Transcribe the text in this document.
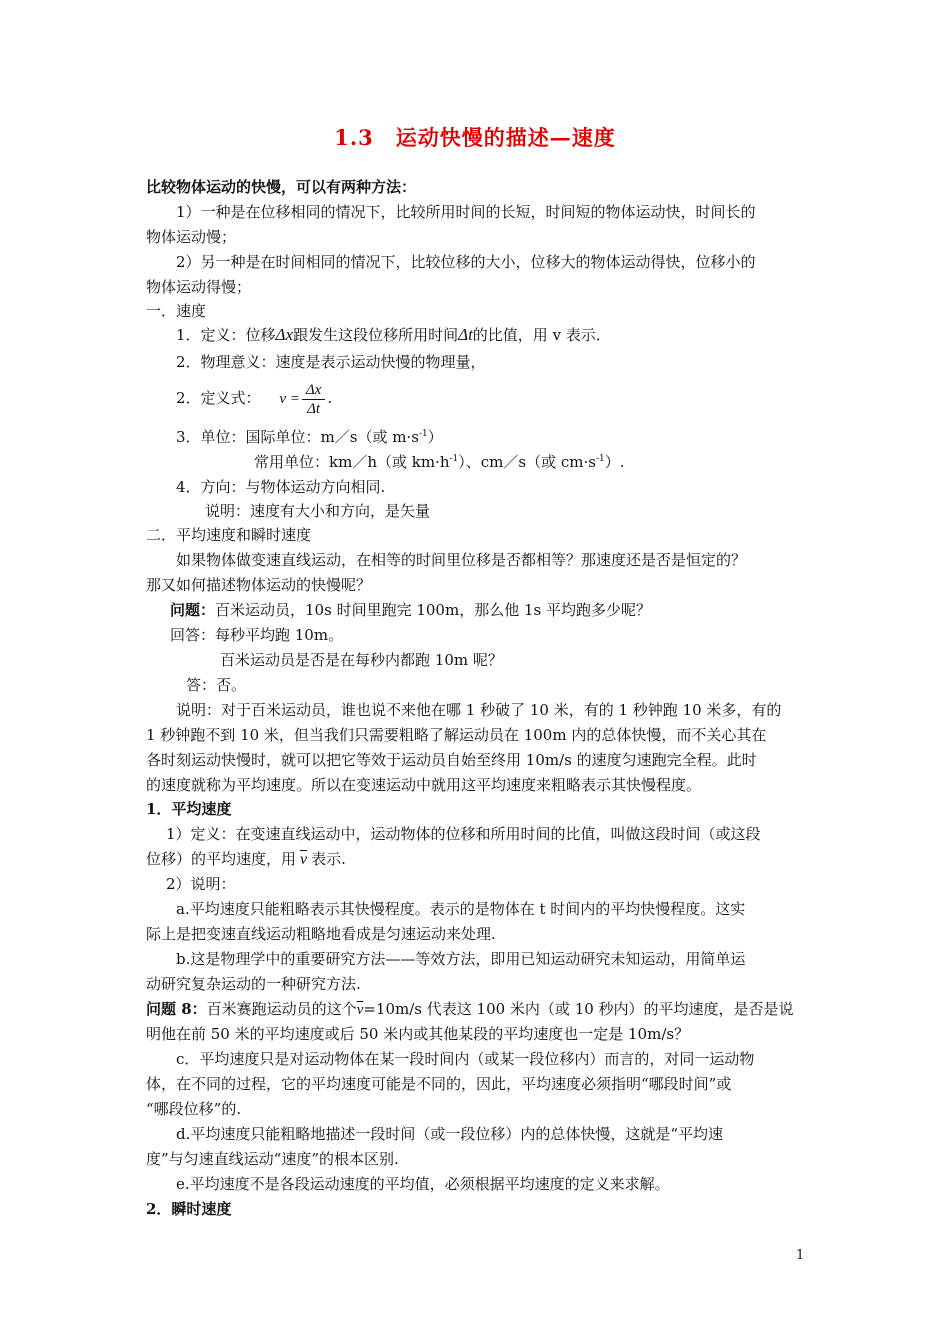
1.3　运动快慢的描述—速度
比较物体运动的快慢，可以有两种方法：
1）一种是在位移相同的情况下，比较所用时间的长短，时间短的物体运动快，时间长的
物体运动慢；
2）另一种是在时间相同的情况下，比较位移的大小，位移大的物体运动得快，位移小的
物体运动得慢；
一．速度
1．定义：位移Δx跟发生这段位移所用时间Δt的比值，用 v 表示．
2．物理意义：速度是表示运动快慢的物理量，
2．定义式： $v = \frac{\Delta x}{\Delta t}$ .
3．单位：国际单位：m／s（或 $m\cdot s^{-1}$）
常用单位：km／h（或 $km\cdot h^{-1}$）、cm／s（或 $cm\cdot s^{-1}$）.
4．方向：与物体运动方向相同.
说明：速度有大小和方向，是矢量
二．平均速度和瞬时速度
如果物体做变速直线运动，在相等的时间里位移是否都相等？那速度还是否是恒定的？
那又如何描述物体运动的快慢呢？
问题：百米运动员，10s 时间里跑完 100m，那么他 1s 平均跑多少呢？
回答：每秒平均跑 10m。
百米运动员是否是在每秒内都跑 10m 呢？
答：否。
说明：对于百米运动员，谁也说不来他在哪 1 秒破了 10 米，有的 1 秒钟跑 10 米多，有的
1 秒钟跑不到 10 米，但当我们只需要粗略了解运动员在 100m 内的总体快慢，而不关心其在
各时刻运动快慢时，就可以把它等效于运动员自始至终用 10m/s 的速度匀速跑完全程。此时
的速度就称为平均速度。所以在变速运动中就用这平均速度来粗略表示其快慢程度。
1．平均速度
1）定义：在变速直线运动中，运动物体的位移和所用时间的比值，叫做这段时间（或这段
位移）的平均速度，用 $\overline{v}$ 表示.
2）说明：
a.平均速度只能粗略表示其快慢程度。表示的是物体在 t 时间内的平均快慢程度。这实
际上是把变速直线运动粗略地看成是匀速运动来处理.
b.这是物理学中的重要研究方法——等效方法，即用已知运动研究未知运动，用简单运
动研究复杂运动的一种研究方法.
问题 8：百米赛跑运动员的这个$\overline{v}=10m/s$ 代表这 100 米内（或 10 秒内）的平均速度，是否是说
明他在前 50 米的平均速度或后 50 米内或其他某段的平均速度也一定是 10m/s？
c．平均速度只是对运动物体在某一段时间内（或某一段位移内）而言的，对同一运动物
体，在不同的过程，它的平均速度可能是不同的，因此，平均速度必须指明“哪段时间”或
“哪段位移”的.
d.平均速度只能粗略地描述一段时间（或一段位移）内的总体快慢，这就是“平均速
度”与匀速直线运动“速度”的根本区别.
e.平均速度不是各段运动速度的平均值，必须根据平均速度的定义来求解。
2．瞬时速度
1
